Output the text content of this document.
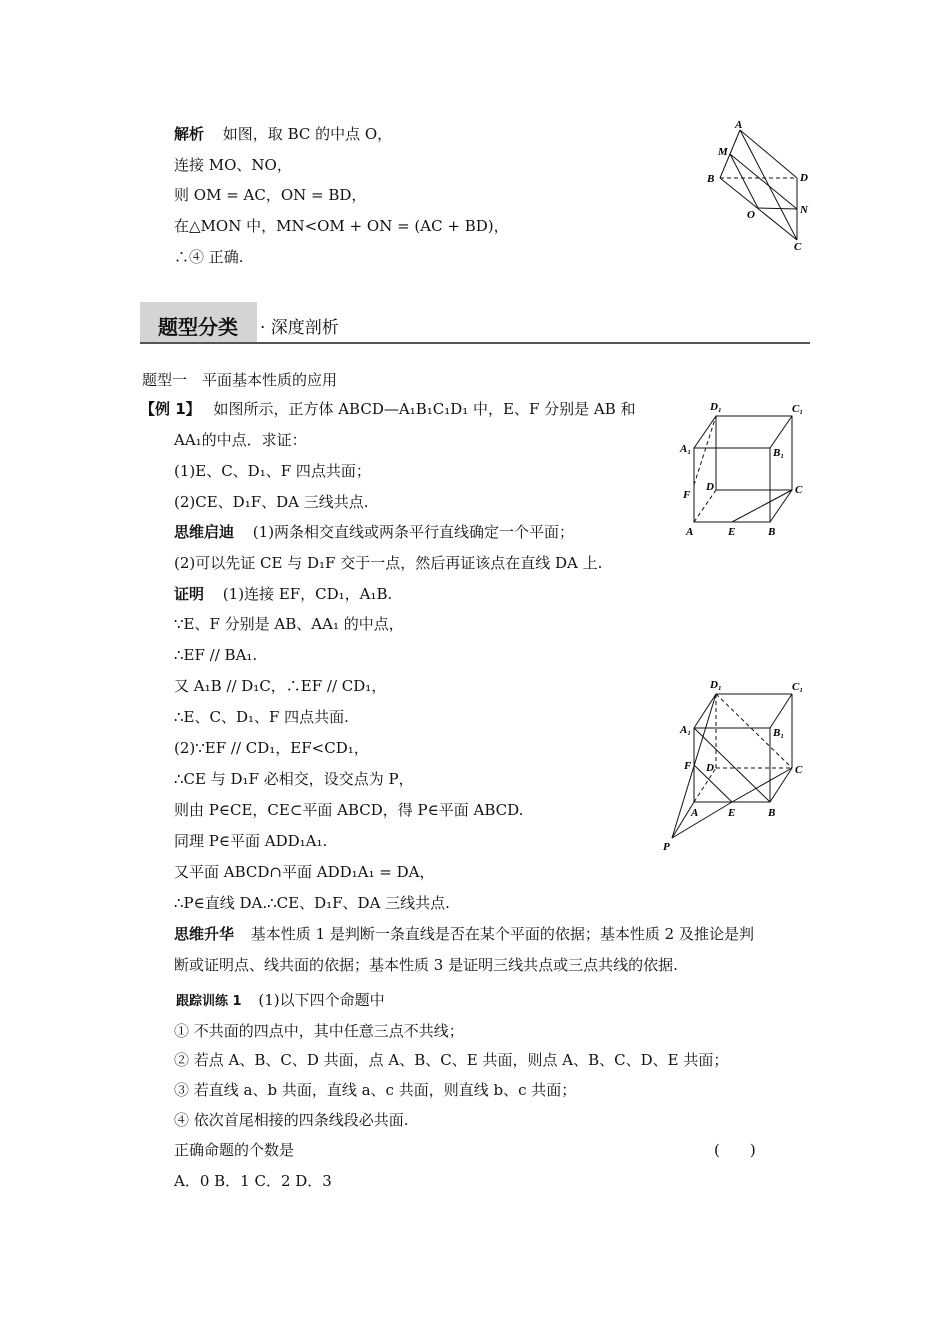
解析 如图，取 BC 的中点 O，
连接 MO、NO，
则 OM = AC，ON = BD，
在△MON 中，MN<OM + ON = (AC + BD)，
∴④ 正确.
A
M
B	D
N
O
C
题型分类 · 深度剖析
题型一　平面基本性质的应用
【例 1】 如图所示，正方体 ABCD—A₁B₁C₁D₁ 中，E、F 分别是 AB 和
AA₁的中点．求证：
(1)E、C、D₁、F 四点共面；
(2)CE、D₁F、DA 三线共点.
思维启迪 (1)两条相交直线或两条平行直线确定一个平面；
(2)可以先证 CE 与 D₁F 交于一点，然后再证该点在直线 DA 上.
D₁	C₁
A₁	B₁
D	C
F
A	E	B
证明 (1)连接 EF，CD₁，A₁B.
∵E、F 分别是 AB、AA₁ 的中点，
∴EF // BA₁.
又 A₁B // D₁C，∴EF // CD₁，
∴E、C、D₁、F 四点共面.
(2)∵EF // CD₁，EF<CD₁，
∴CE 与 D₁F 必相交，设交点为 P，
则由 P∈CE，CE⊂平面 ABCD，得 P∈平面 ABCD.
同理 P∈平面 ADD₁A₁.
又平面 ABCD∩平面 ADD₁A₁ = DA，
∴P∈直线 DA.∴CE、D₁F、DA 三线共点.
D₁	C₁
A₁	B₁
F D	C
A	E	B
P
思维升华 基本性质 1 是判断一条直线是否在某个平面的依据；基本性质 2 及推论是判
断或证明点、线共面的依据；基本性质 3 是证明三线共点或三点共线的依据.
跟踪训练 1 (1)以下四个命题中
① 不共面的四点中，其中任意三点不共线；
② 若点 A、B、C、D 共面，点 A、B、C、E 共面，则点 A、B、C、D、E 共面；
③ 若直线 a、b 共面，直线 a、c 共面，则直线 b、c 共面；
④ 依次首尾相接的四条线段必共面.
正确命题的个数是	(　　)
A．0 B．1 C．2 D．3
